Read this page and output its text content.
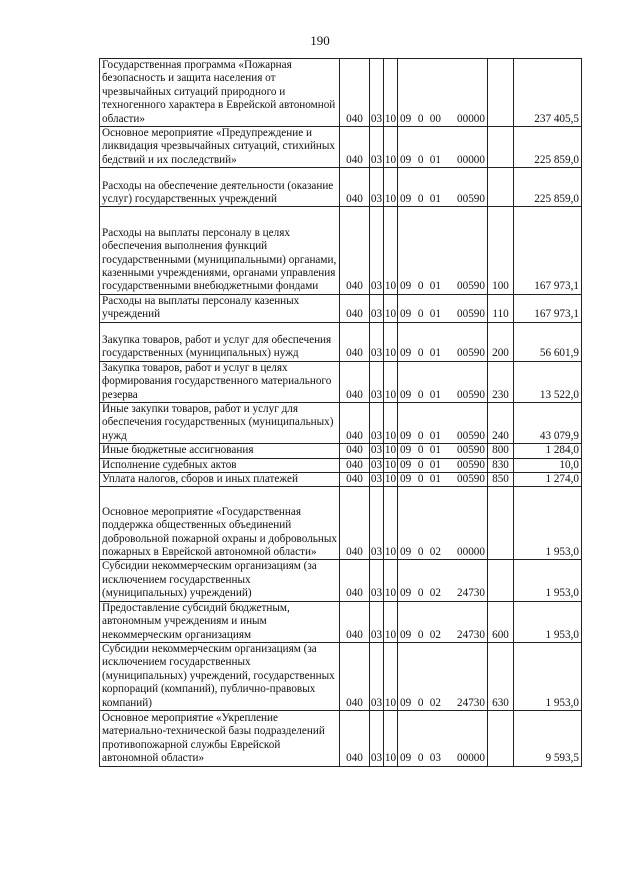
190
Государственная программа «Пожарная безопасность и защита населения от чрезвычайных ситуаций природного и техногенного характера в Еврейской автономной области»	040	03	10	09 0 00 00000		237 405,5
Основное мероприятие «Предупреждение и ликвидация чрезвычайных ситуаций, стихийных бедствий и их последствий»	040	03	10	09 0 01 00000		225 859,0
Расходы на обеспечение деятельности (оказание услуг) государственных учреждений	040	03	10	09 0 01 00590		225 859,0
Расходы на выплаты персоналу в целях обеспечения выполнения функций государственными (муниципальными) органами, казенными учреждениями, органами управления государственными внебюджетными фондами	040	03	10	09 0 01 00590	100	167 973,1
Расходы на выплаты персоналу казенных учреждений	040	03	10	09 0 01 00590	110	167 973,1
Закупка товаров, работ и услуг для обеспечения государственных (муниципальных) нужд	040	03	10	09 0 01 00590	200	56 601,9
Закупка товаров, работ и услуг в целях формирования государственного материального резерва	040	03	10	09 0 01 00590	230	13 522,0
Иные закупки товаров, работ и услуг для обеспечения государственных (муниципальных) нужд	040	03	10	09 0 01 00590	240	43 079,9
Иные бюджетные ассигнования	040	03	10	09 0 01 00590	800	1 284,0
Исполнение судебных актов	040	03	10	09 0 01 00590	830	10,0
Уплата налогов, сборов и иных платежей	040	03	10	09 0 01 00590	850	1 274,0
Основное мероприятие «Государственная поддержка общественных объединений добровольной пожарной охраны и добровольных пожарных в Еврейской автономной области»	040	03	10	09 0 02 00000		1 953,0
Субсидии некоммерческим организациям (за исключением государственных (муниципальных) учреждений)	040	03	10	09 0 02 24730		1 953,0
Предоставление субсидий бюджетным, автономным учреждениям и иным некоммерческим организациям	040	03	10	09 0 02 24730	600	1 953,0
Субсидии некоммерческим организациям (за исключением государственных (муниципальных) учреждений, государственных корпораций (компаний), публично-правовых компаний)	040	03	10	09 0 02 24730	630	1 953,0
Основное мероприятие «Укрепление материально-технической базы подразделений противопожарной службы Еврейской автономной области»	040	03	10	09 0 03 00000		9 593,5
